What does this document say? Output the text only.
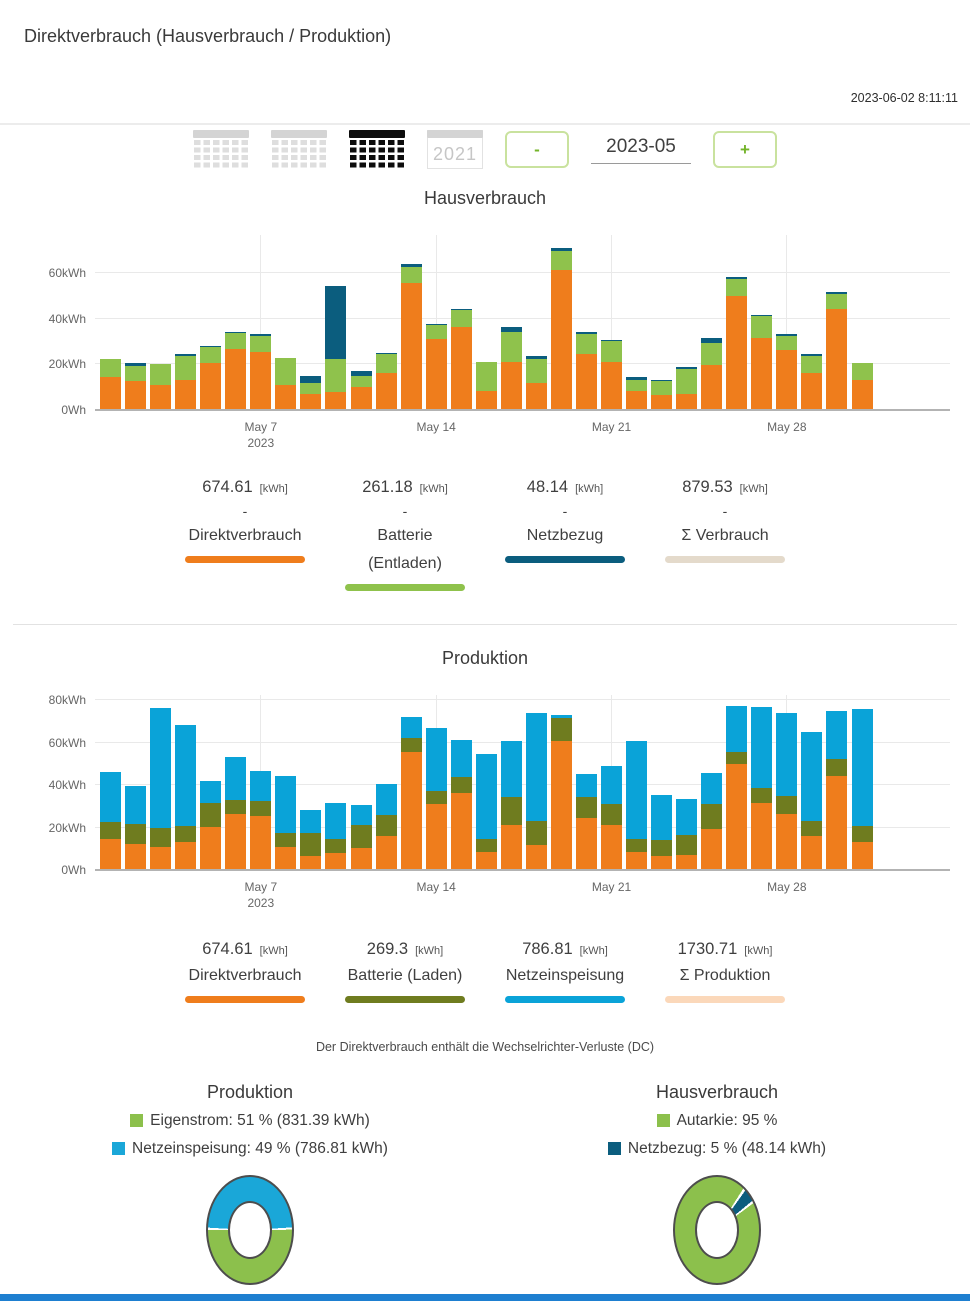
Direktverbrauch (Hausverbrauch / Produktion)
2023-06-02 8:11:11
2021	-	2023-05	+
Hausverbrauch
0Wh
20kWh
40kWh
60kWh
May 7
2023
May 14	May 21	May 28
674.61 [kWh]
-
Direktverbrauch
261.18 [kWh]
-
Batterie
(Entladen)
48.14 [kWh]
-
Netzbezug
879.53 [kWh]
-
Σ Verbrauch
Produktion
0Wh
20kWh
40kWh
60kWh
80kWh
May 7
2023
May 14	May 21	May 28
674.61 [kWh]
Direktverbrauch
269.3 [kWh]
Batterie (Laden)
786.81 [kWh]
Netzeinspeisung
1730.71 [kWh]
Σ Produktion
Der Direktverbrauch enthält die Wechselrichter-Verluste (DC)
Produktion
Eigenstrom: 51 % (831.39 kWh)
Netzeinspeisung: 49 % (786.81 kWh)
Hausverbrauch
Autarkie: 95 %
Netzbezug: 5 % (48.14 kWh)
